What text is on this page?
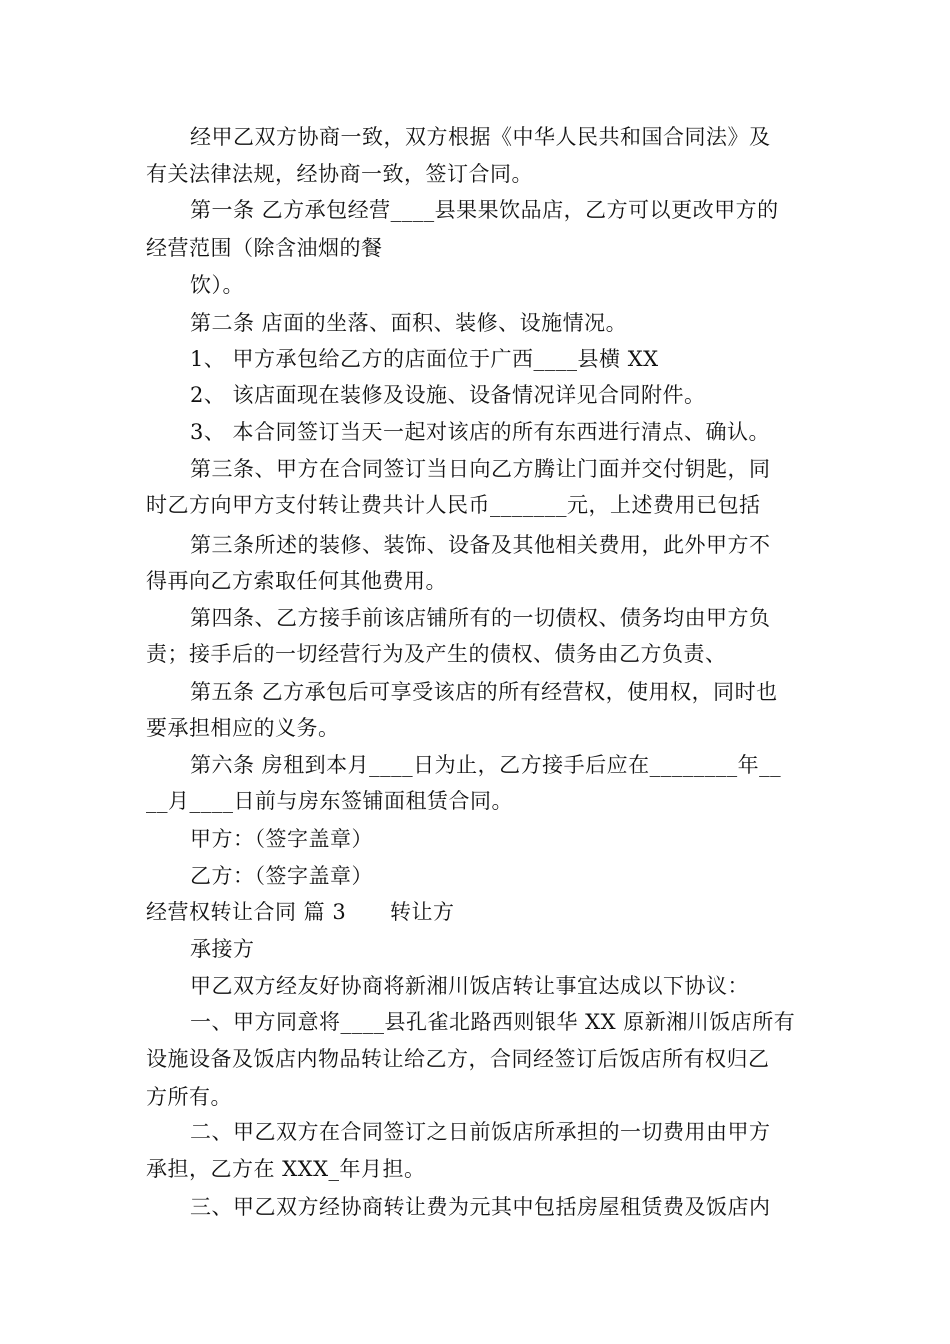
经甲乙双方协商一致，双方根据《中华人民共和国合同法》及
有关法律法规，经协商一致，签订合同。
第一条 乙方承包经营____县果果饮品店，乙方可以更改甲方的
经营范围（除含油烟的餐
饮）。
第二条 店面的坐落、面积、装修、设施情况。
1、 甲方承包给乙方的店面位于广西____县横 XX
2、 该店面现在装修及设施、设备情况详见合同附件。
3、 本合同签订当天一起对该店的所有东西进行清点、确认。
第三条、甲方在合同签订当日向乙方腾让门面并交付钥匙，同
时乙方向甲方支付转让费共计人民币_______元，上述费用已包括
第三条所述的装修、装饰、设备及其他相关费用，此外甲方不
得再向乙方索取任何其他费用。
第四条、乙方接手前该店铺所有的一切债权、债务均由甲方负
责；接手后的一切经营行为及产生的债权、债务由乙方负责、
第五条 乙方承包后可享受该店的所有经营权，使用权，同时也
要承担相应的义务。
第六条 房租到本月____日为止，乙方接手后应在________年__
__月____日前与房东签铺面租赁合同。
甲方：（签字盖章）
乙方：（签字盖章）
经营权转让合同 篇 3 转让方
承接方
甲乙双方经友好协商将新湘川饭店转让事宜达成以下协议：
一、甲方同意将____县孔雀北路西则银华 XX 原新湘川饭店所有
设施设备及饭店内物品转让给乙方，合同经签订后饭店所有权归乙
方所有。
二、甲乙双方在合同签订之日前饭店所承担的一切费用由甲方
承担，乙方在 XXX_年月担。
三、甲乙双方经协商转让费为元其中包括房屋租赁费及饭店内
